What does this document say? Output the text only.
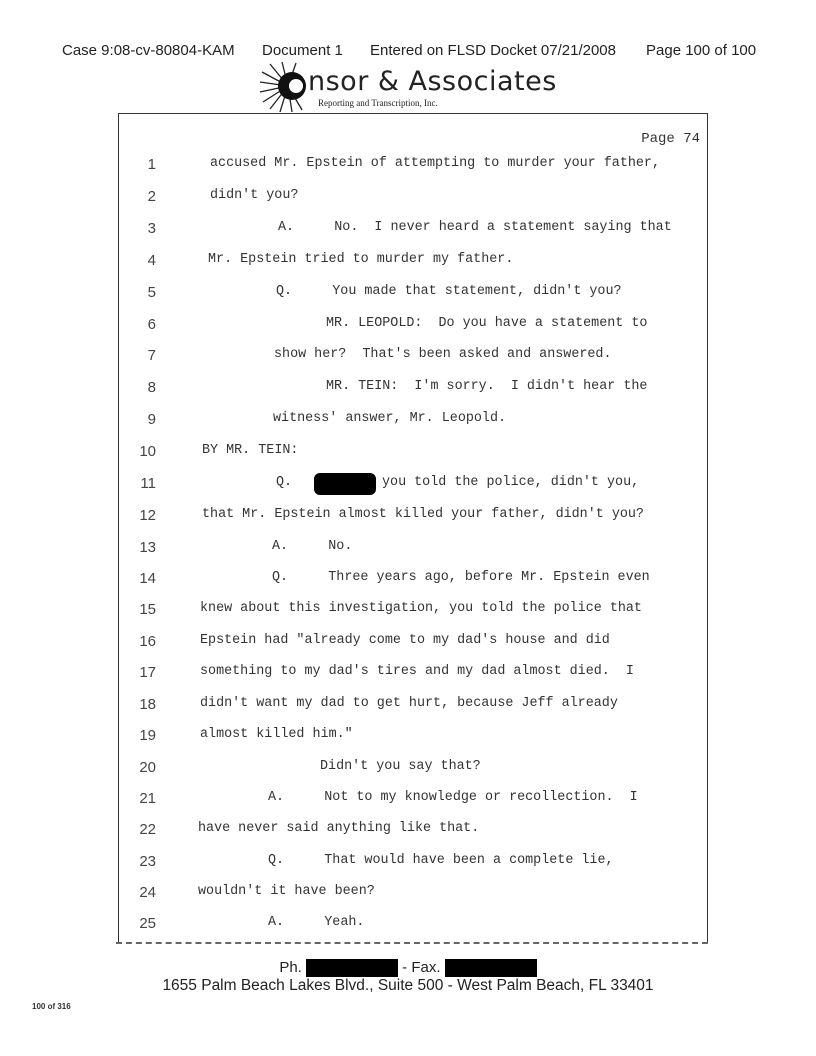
Case 9:08-cv-80804-KAM Document 1 Entered on FLSD Docket 07/21/2008 Page 100 of 100
nsor & Associates
Reporting and Transcription, Inc.
Page 74
1	accused Mr. Epstein of attempting to murder your father,
2	didn't you?
3	A.     No.  I never heard a statement saying that
4	Mr. Epstein tried to murder my father.
5	Q.     You made that statement, didn't you?
6	MR. LEOPOLD:  Do you have a statement to
7	show her?  That's been asked and answered.
8	MR. TEIN:  I'm sorry.  I didn't hear the
9	witness' answer, Mr. Leopold.
10	BY MR. TEIN:
11	Q.	you told the police, didn't you,
12	that Mr. Epstein almost killed your father, didn't you?
13	A.     No.
14	Q.     Three years ago, before Mr. Epstein even
15	knew about this investigation, you told the police that
16	Epstein had "already come to my dad's house and did
17	something to my dad's tires and my dad almost died.  I
18	didn't want my dad to get hurt, because Jeff already
19	almost killed him."
20	Didn't you say that?
21	A.     Not to my knowledge or recollection.  I
22	have never said anything like that.
23	Q.     That would have been a complete lie,
24	wouldn't it have been?
25	A.     Yeah.
Ph.	- Fax.
1655 Palm Beach Lakes Blvd., Suite 500 - West Palm Beach, FL 33401
100 of 316
